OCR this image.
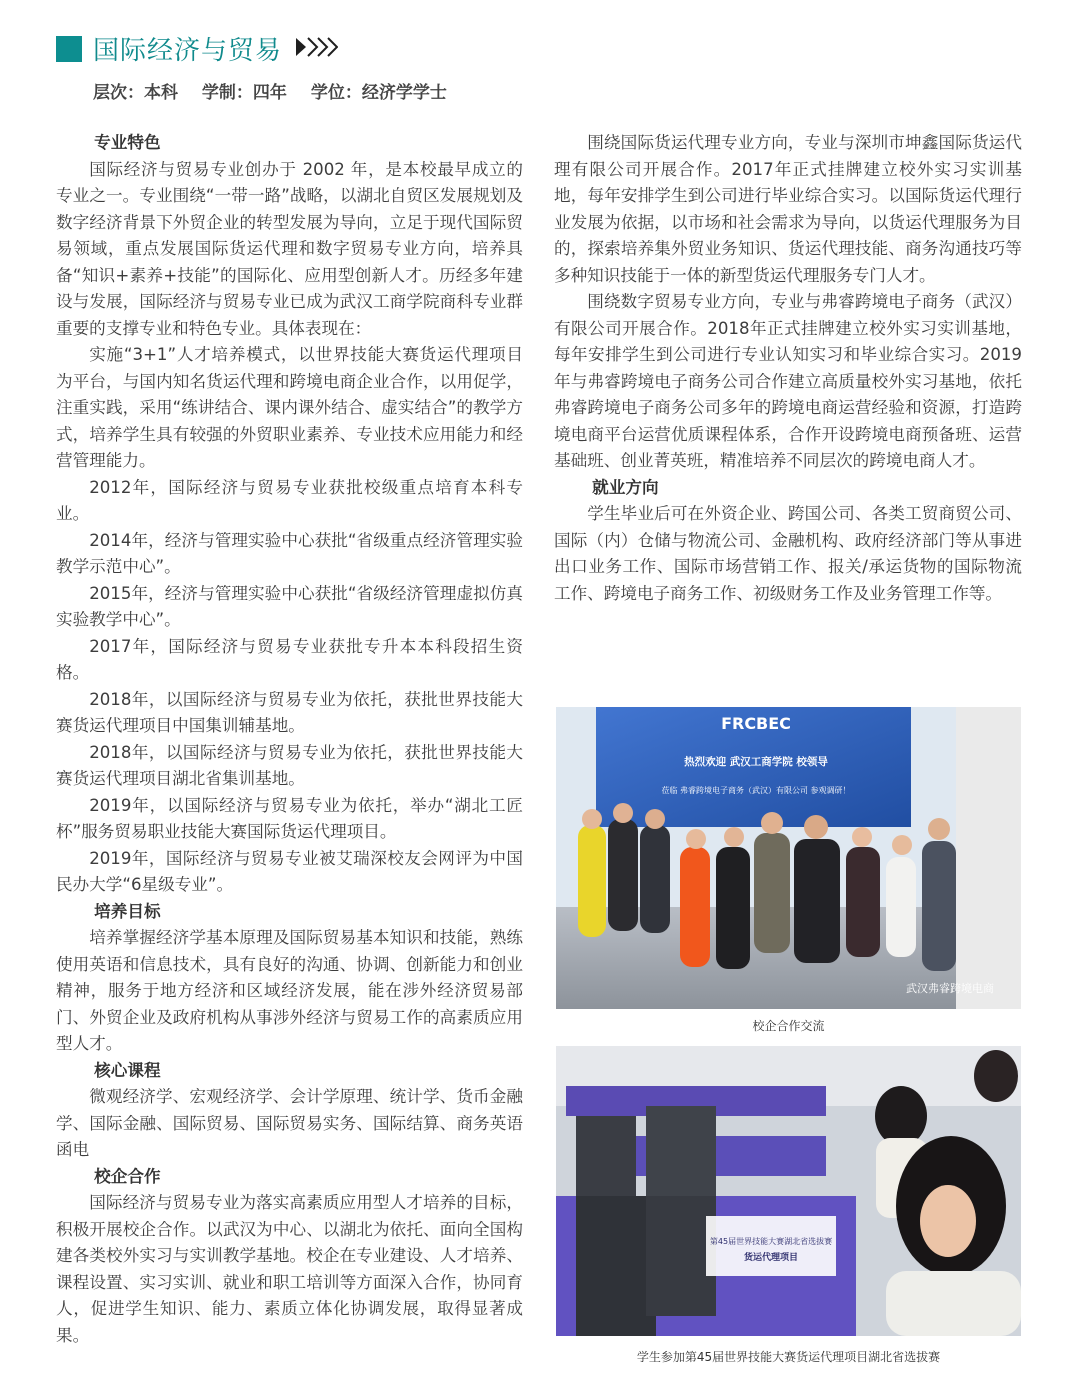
国际经济与贸易
层次：本科 学制：四年 学位：经济学学士
专业特色

国际经济与贸易专业创办于 2002 年，是本校最早成立的专业之一。专业围绕“一带一路”战略，以湖北自贸区发展规划及数字经济背景下外贸企业的转型发展为导向，立足于现代国际贸易领域，重点发展国际货运代理和数字贸易专业方向，培养具备“知识+素养+技能”的国际化、应用型创新人才。历经多年建设与发展，国际经济与贸易专业已成为武汉工商学院商科专业群重要的支撑专业和特色专业。具体表现在：

实施“3+1”人才培养模式，以世界技能大赛货运代理项目为平台，与国内知名货运代理和跨境电商企业合作，以用促学，注重实践，采用“练讲结合、课内课外结合、虚实结合”的教学方式，培养学生具有较强的外贸职业素养、专业技术应用能力和经营管理能力。

2012年，国际经济与贸易专业获批校级重点培育本科专业。

2014年，经济与管理实验中心获批“省级重点经济管理实验教学示范中心”。

2015年，经济与管理实验中心获批“省级经济管理虚拟仿真实验教学中心”。

2017年，国际经济与贸易专业获批专升本本科段招生资格。

2018年，以国际经济与贸易专业为依托，获批世界技能大赛货运代理项目中国集训辅基地。

2018年，以国际经济与贸易专业为依托，获批世界技能大赛货运代理项目湖北省集训基地。

2019年，以国际经济与贸易专业为依托，举办“湖北工匠杯”服务贸易职业技能大赛国际货运代理项目。

2019年，国际经济与贸易专业被艾瑞深校友会网评为中国民办大学“6星级专业”。

培养目标

培养掌握经济学基本原理及国际贸易基本知识和技能，熟练使用英语和信息技术，具有良好的沟通、协调、创新能力和创业精神，服务于地方经济和区域经济发展，能在涉外经济贸易部门、外贸企业及政府机构从事涉外经济与贸易工作的高素质应用型人才。

核心课程

微观经济学、宏观经济学、会计学原理、统计学、货币金融学、国际金融、国际贸易、国际贸易实务、国际结算、商务英语函电

校企合作

国际经济与贸易专业为落实高素质应用型人才培养的目标，积极开展校企合作。以武汉为中心、以湖北为依托、面向全国构建各类校外实习与实训教学基地。校企在专业建设、人才培养、课程设置、实习实训、就业和职工培训等方面深入合作，协同育人，促进学生知识、能力、素质立体化协调发展，取得显著成果。

围绕国际货运代理专业方向，专业与深圳市坤鑫国际货运代理有限公司开展合作。2017年正式挂牌建立校外实习实训基地，每年安排学生到公司进行毕业综合实习。以国际货运代理行业发展为依据，以市场和社会需求为导向，以货运代理服务为目的，探索培养集外贸业务知识、货运代理技能、商务沟通技巧等多种知识技能于一体的新型货运代理服务专门人才。

围绕数字贸易专业方向，专业与弗睿跨境电子商务（武汉）有限公司开展合作。2018年正式挂牌建立校外实习实训基地，每年安排学生到公司进行专业认知实习和毕业综合实习。2019年与弗睿跨境电子商务公司合作建立高质量校外实习基地，依托弗睿跨境电子商务公司多年的跨境电商运营经验和资源，打造跨境电商平台运营优质课程体系，合作开设跨境电商预备班、运营基础班、创业菁英班，精准培养不同层次的跨境电商人才。

就业方向

学生毕业后可在外资企业、跨国公司、各类工贸商贸公司、国际（内）仓储与物流公司、金融机构、政府经济部门等从事进出口业务工作、国际市场营销工作、报关/承运货物的国际物流工作、跨境电子商务工作、初级财务工作及业务管理工作等。

FRCBEC
热烈欢迎 武汉工商学院 校领导
莅临 弗睿跨境电子商务（武汉）有限公司 参观调研！
武汉弗睿跨境电商
校企合作交流
第45届世界技能大赛湖北省选拔赛
货运代理项目
学生参加第45届世界技能大赛货运代理项目湖北省选拔赛
